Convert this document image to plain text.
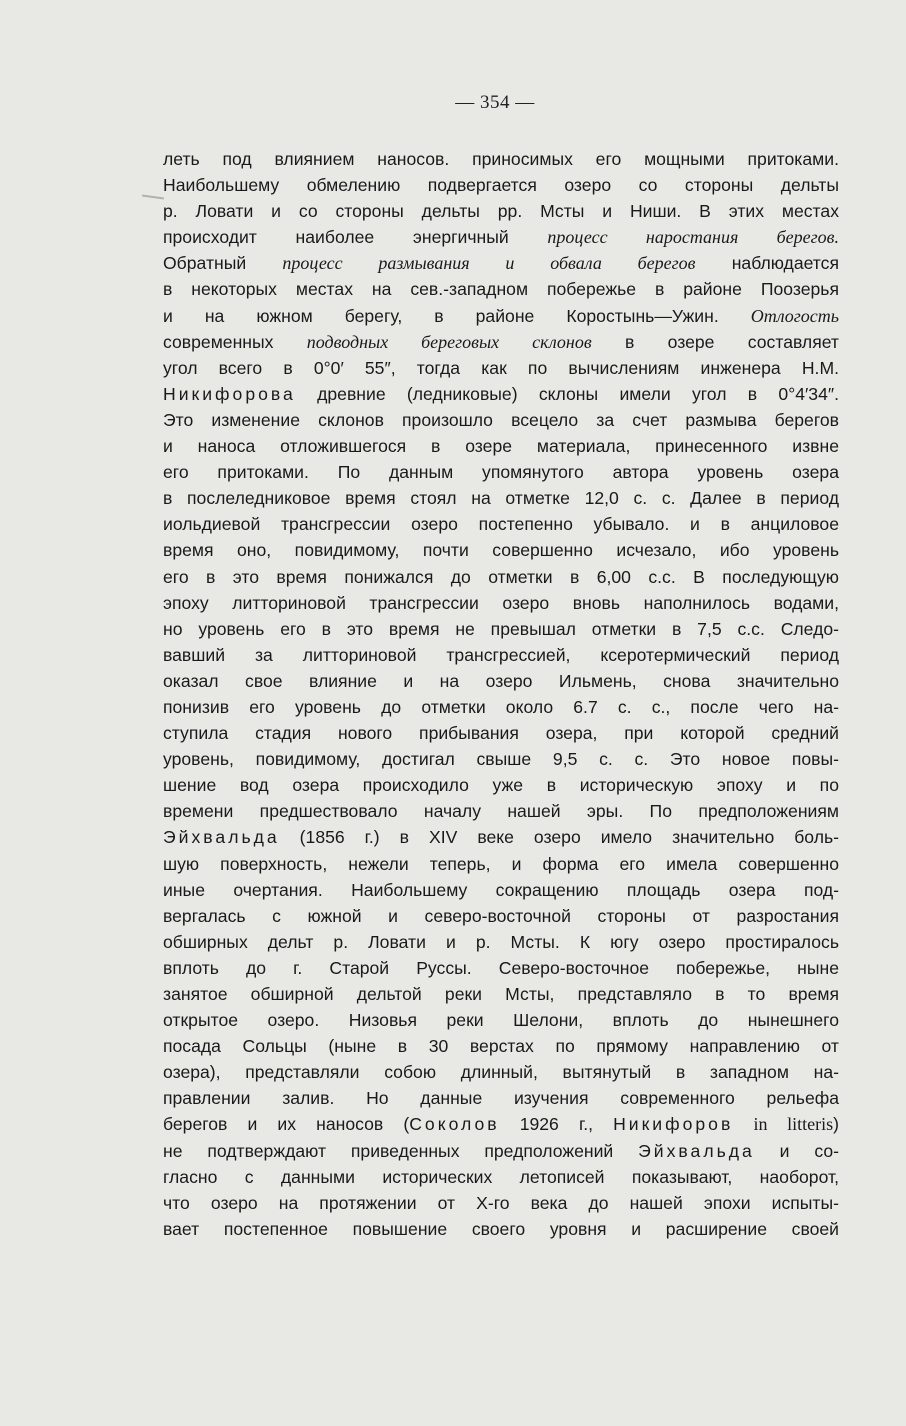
— 354 —
леть под влиянием наносов. приносимых его мощными притоками.
Наибольшему обмелению подвергается озеро со стороны дельты
р. Ловати и со стороны дельты рр. Мсты и Ниши. В этих местах
происходит наиболее энергичный процесс наростания берегов.
Обратный процесс размывания и обвала берегов наблюдается
в некоторых местах на сев.-западном побережье в районе Поозерья
и на южном берегу, в районе Коростынь—Ужин. Отлогость
современных подводных береговых склонов в озере составляет
угол всего в 0°0′ 55″, тогда как по вычислениям инженера Н.М.
Никифорова древние (ледниковые) склоны имели угол в 0°4′34″.
Это изменение склонов произошло всецело за счет размыва берегов
и наноса отложившегося в озере материала, принесенного извне
его притоками. По данным упомянутого автора уровень озера
в послеледниковое время стоял на отметке 12,0 с. с. Далее в период
иольдиевой трансгрессии озеро постепенно убывало. и в анциловое
время оно, повидимому, почти совершенно исчезало, ибо уровень
его в это время понижался до отметки в 6,00 с.с. В последующую
эпоху литториновой трансгрессии озеро вновь наполнилось водами,
но уровень его в это время не превышал отметки в 7,5 с.с. Следо-
вавший за литториновой трансгрессией, ксеротермический период
оказал свое влияние и на озеро Ильмень, снова значительно
понизив его уровень до отметки около 6.7 с. с., после чего на-
ступила стадия нового прибывания озера, при которой средний
уровень, повидимому, достигал свыше 9,5 с. с. Это новое повы-
шение вод озера происходило уже в историческую эпоху и по
времени предшествовало началу нашей эры. По предположениям
Эйхвальда (1856 г.) в XIV веке озеро имело значительно боль-
шую поверхность, нежели теперь, и форма его имела совершенно
иные очертания. Наибольшему сокращению площадь озера под-
вергалась с южной и северо-восточной стороны от разростания
обширных дельт р. Ловати и р. Мсты. К югу озеро простиралось
вплоть до г. Старой Руссы. Северо-восточное побережье, ныне
занятое обширной дельтой реки Мсты, представляло в то время
открытое озеро. Низовья реки Шелони, вплоть до нынешнего
посада Сольцы (ныне в 30 верстах по прямому направлению от
озера), представляли собою длинный, вытянутый в западном на-
правлении залив. Но данные изучения современного рельефа
берегов и их наносов (Соколов 1926 г., Никифоров in litteris)
не подтверждают приведенных предположений Эйхвальда и со-
гласно с данными исторических летописей показывают, наоборот,
что озеро на протяжении от Х-го века до нашей эпохи испыты-
вает постепенное повышение своего уровня и расширение своей
